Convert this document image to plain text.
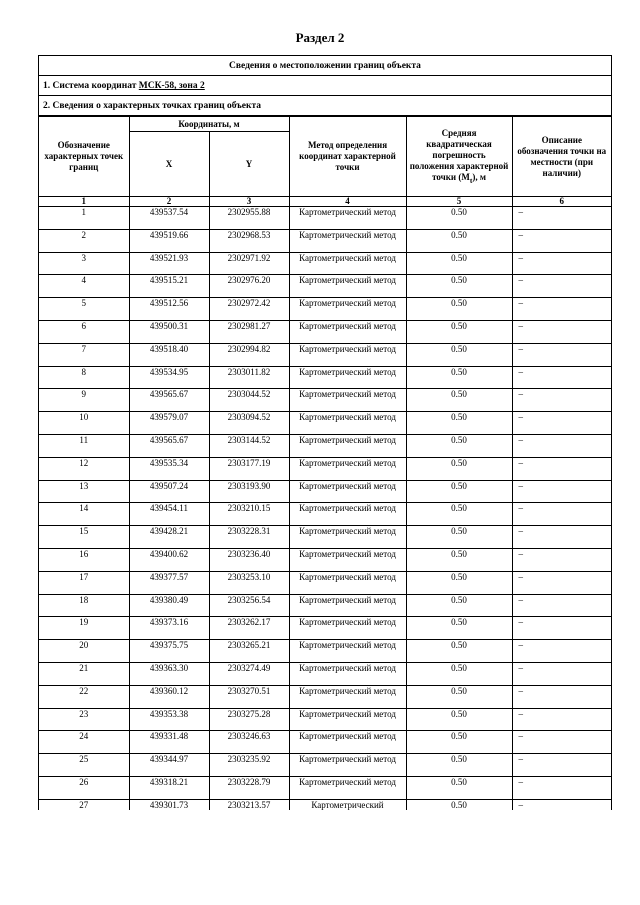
Раздел 2
Сведения о местоположении границ объекта
1. Система координат МСК-58, зона 2
2. Сведения о характерных точках границ объекта
Обозначение характерных точек границ	Координаты, м		Метод определения координат характерной точки	Средняя квадратическая погрешность положения характерной точки $(M_t)$, м	Описание обозначения точки на местности (при наличии)
	X	Y			
1	2	3	4	5	6
1	439537.54	2302955.88	Картометрический метод	0.50	–
2	439519.66	2302968.53	Картометрический метод	0.50	–
3	439521.93	2302971.92	Картометрический метод	0.50	–
4	439515.21	2302976.20	Картометрический метод	0.50	–
5	439512.56	2302972.42	Картометрический метод	0.50	–
6	439500.31	2302981.27	Картометрический метод	0.50	–
7	439518.40	2302994.82	Картометрический метод	0.50	–
8	439534.95	2303011.82	Картометрический метод	0.50	–
9	439565.67	2303044.52	Картометрический метод	0.50	–
10	439579.07	2303094.52	Картометрический метод	0.50	–
11	439565.67	2303144.52	Картометрический метод	0.50	–
12	439535.34	2303177.19	Картометрический метод	0.50	–
13	439507.24	2303193.90	Картометрический метод	0.50	–
14	439454.11	2303210.15	Картометрический метод	0.50	–
15	439428.21	2303228.31	Картометрический метод	0.50	–
16	439400.62	2303236.40	Картометрический метод	0.50	–
17	439377.57	2303253.10	Картометрический метод	0.50	–
18	439380.49	2303256.54	Картометрический метод	0.50	–
19	439373.16	2303262.17	Картометрический метод	0.50	–
20	439375.75	2303265.21	Картометрический метод	0.50	–
21	439363.30	2303274.49	Картометрический метод	0.50	–
22	439360.12	2303270.51	Картометрический метод	0.50	–
23	439353.38	2303275.28	Картометрический метод	0.50	–
24	439331.48	2303246.63	Картометрический метод	0.50	–
25	439344.97	2303235.92	Картометрический метод	0.50	–
26	439318.21	2303228.79	Картометрический метод	0.50	–
27	439301.73	2303213.57	Картометрический	0.50	–
